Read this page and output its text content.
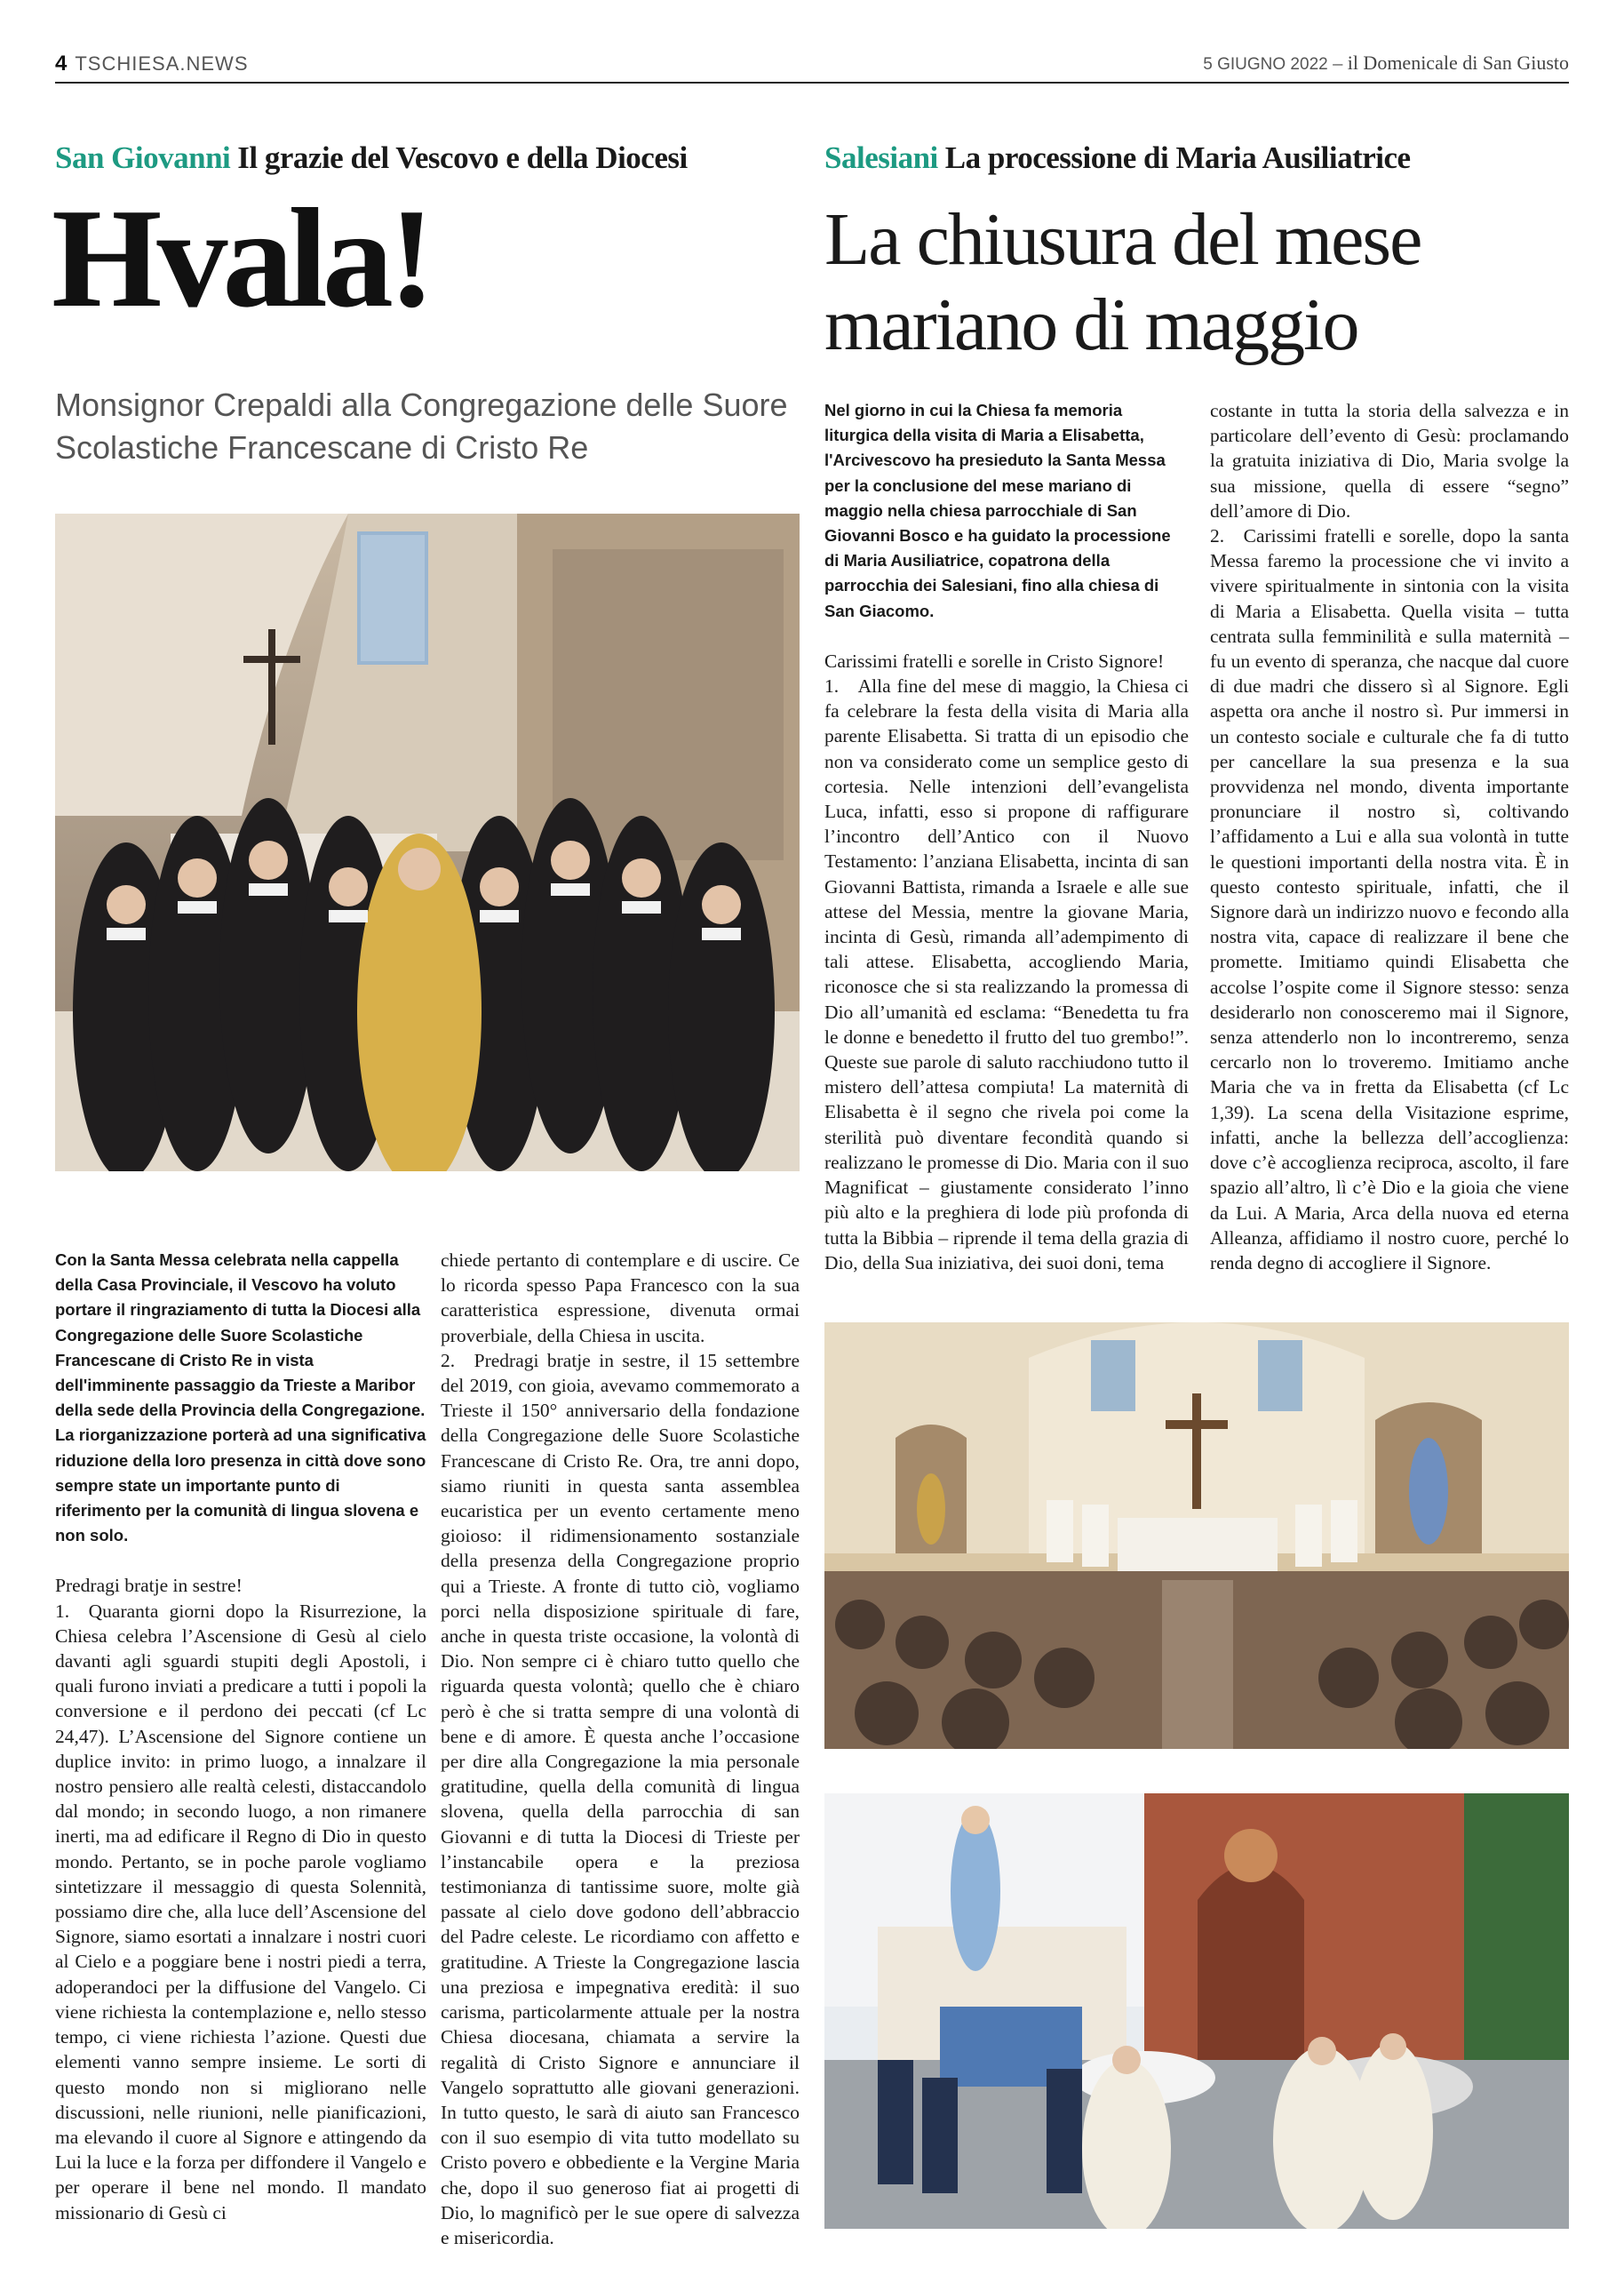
4 TSCHIESA.NEWS	5 GIUGNO 2022 – il Domenicale di San Giusto
San Giovanni Il grazie del Vescovo e della Diocesi
Hvala!
Monsignor Crepaldi alla Congregazione delle Suore Scolastiche Francescane di Cristo Re
Salesiani La processione di Maria Ausiliatrice
La chiusura del mese mariano di maggio

Con la Santa Messa celebrata nella cappella della Casa Provinciale, il Vescovo ha voluto portare il ringraziamento di tutta la Diocesi alla Congregazione delle Suore Scolastiche Francescane di Cristo Re in vista dell'imminente passaggio da Trieste a Maribor della sede della Provincia della Congregazione. La riorganizzazione porterà ad una significativa riduzione della loro presenza in città dove sono sempre state un importante punto di riferimento per la comunità di lingua slovena e non solo.

Predragi bratje in sestre!

1. Quaranta giorni dopo la Risurrezione, la Chiesa celebra l’Ascensione di Gesù al cielo davanti agli sguardi stupiti degli Apostoli, i quali furono inviati a predicare a tutti i popoli la conversione e il perdono dei peccati (cf Lc 24,47). L’Ascensione del Signore contiene un duplice invito: in primo luogo, a innalzare il nostro pensiero alle realtà celesti, distaccandolo dal mondo; in secondo luogo, a non rimanere inerti, ma ad edificare il Regno di Dio in questo mondo. Pertanto, se in poche parole vogliamo sintetizzare il messaggio di questa Solennità, possiamo dire che, alla luce dell’Ascensione del Signore, siamo esortati a innalzare i nostri cuori al Cielo e a poggiare bene i nostri piedi a terra, adoperandoci per la diffusione del Vangelo. Ci viene richiesta la contemplazione e, nello stesso tempo, ci viene richiesta l’azione. Questi due elementi vanno sempre insieme. Le sorti di questo mondo non si migliorano nelle discussioni, nelle riunioni, nelle pianificazioni, ma elevando il cuore al Signore e attingendo da Lui la luce e la forza per diffondere il Vangelo e per operare il bene nel mondo. Il mandato missionario di Gesù ci

chiede pertanto di contemplare e di uscire. Ce lo ricorda spesso Papa Francesco con la sua caratteristica espressione, divenuta ormai proverbiale, della Chiesa in uscita.

2. Predragi bratje in sestre, il 15 settembre del 2019, con gioia, avevamo commemorato a Trieste il 150° anniversario della fondazione della Congregazione delle Suore Scolastiche Francescane di Cristo Re. Ora, tre anni dopo, siamo riuniti in questa santa assemblea eucaristica per un evento certamente meno gioioso: il ridimensionamento sostanziale della presenza della Congregazione proprio qui a Trieste. A fronte di tutto ciò, vogliamo porci nella disposizione spirituale di fare, anche in questa triste occasione, la volontà di Dio. Non sempre ci è chiaro tutto quello che riguarda questa volontà; quello che è chiaro però è che si tratta sempre di una volontà di bene e di amore. È questa anche l’occasione per dire alla Congregazione la mia personale gratitudine, quella della comunità di lingua slovena, quella della parrocchia di san Giovanni e di tutta la Diocesi di Trieste per l’instancabile opera e la preziosa testimonianza di tantissime suore, molte già passate al cielo dove godono dell’abbraccio del Padre celeste. Le ricordiamo con affetto e gratitudine. A Trieste la Congregazione lascia una preziosa e impegnativa eredità: il suo carisma, particolarmente attuale per la nostra Chiesa diocesana, chiamata a servire la regalità di Cristo Signore e annunciare il Vangelo soprattutto alle giovani generazioni. In tutto questo, le sarà di aiuto san Francesco con il suo esempio di vita tutto modellato su Cristo povero e obbediente e la Vergine Maria che, dopo il suo generoso fiat ai progetti di Dio, lo magnificò per le sue opere di salvezza e misericordia.

Nel giorno in cui la Chiesa fa memoria liturgica della visita di Maria a Elisabetta, l'Arcivescovo ha presieduto la Santa Messa per la conclusione del mese mariano di maggio nella chiesa parrocchiale di San Giovanni Bosco e ha guidato la processione di Maria Ausiliatrice, copatrona della parrocchia dei Salesiani, fino alla chiesa di San Giacomo.

Carissimi fratelli e sorelle in Cristo Signore!

1. Alla fine del mese di maggio, la Chiesa ci fa celebrare la festa della visita di Maria alla parente Elisabetta. Si tratta di un episodio che non va considerato come un semplice gesto di cortesia. Nelle intenzioni dell’evangelista Luca, infatti, esso si propone di raffigurare l’incontro dell’Antico con il Nuovo Testamento: l’anziana Elisabetta, incinta di san Giovanni Battista, rimanda a Israele e alle sue attese del Messia, mentre la giovane Maria, incinta di Gesù, rimanda all’adempimento di tali attese. Elisabetta, accogliendo Maria, riconosce che si sta realizzando la promessa di Dio all’umanità ed esclama: “Benedetta tu fra le donne e benedetto il frutto del tuo grembo!”. Queste sue parole di saluto racchiudono tutto il mistero dell’attesa compiuta! La maternità di Elisabetta è il segno che rivela poi come la sterilità può diventare fecondità quando si realizzano le promesse di Dio. Maria con il suo Magnificat – giustamente considerato l’inno più alto e la preghiera di lode più profonda di tutta la Bibbia – riprende il tema della grazia di Dio, della Sua iniziativa, dei suoi doni, tema

costante in tutta la storia della salvezza e in particolare dell’evento di Gesù: proclamando la gratuita iniziativa di Dio, Maria svolge la sua missione, quella di essere “segno” dell’amore di Dio.

2. Carissimi fratelli e sorelle, dopo la santa Messa faremo la processione che vi invito a vivere spiritualmente in sintonia con la visita di Maria a Elisabetta. Quella visita – tutta centrata sulla femminilità e sulla maternità – fu un evento di speranza, che nacque dal cuore di due madri che dissero sì al Signore. Egli aspetta ora anche il nostro sì. Pur immersi in un contesto sociale e culturale che fa di tutto per cancellare la sua presenza e la sua provvidenza nel mondo, diventa importante pronunciare il nostro sì, coltivando l’affidamento a Lui e alla sua volontà in tutte le questioni importanti della nostra vita. È in questo contesto spirituale, infatti, che il Signore darà un indirizzo nuovo e fecondo alla nostra vita, capace di realizzare il bene che promette. Imitiamo quindi Elisabetta che accolse l’ospite come il Signore stesso: senza desiderarlo non conosceremo mai il Signore, senza attenderlo non lo incontreremo, senza cercarlo non lo troveremo. Imitiamo anche Maria che va in fretta da Elisabetta (cf Lc 1,39). La scena della Visitazione esprime, infatti, anche la bellezza dell’accoglienza: dove c’è accoglienza reciproca, ascolto, il fare spazio all’altro, lì c’è Dio e la gioia che viene da Lui. A Maria, Arca della nuova ed eterna Alleanza, affidiamo il nostro cuore, perché lo renda degno di accogliere il Signore.
